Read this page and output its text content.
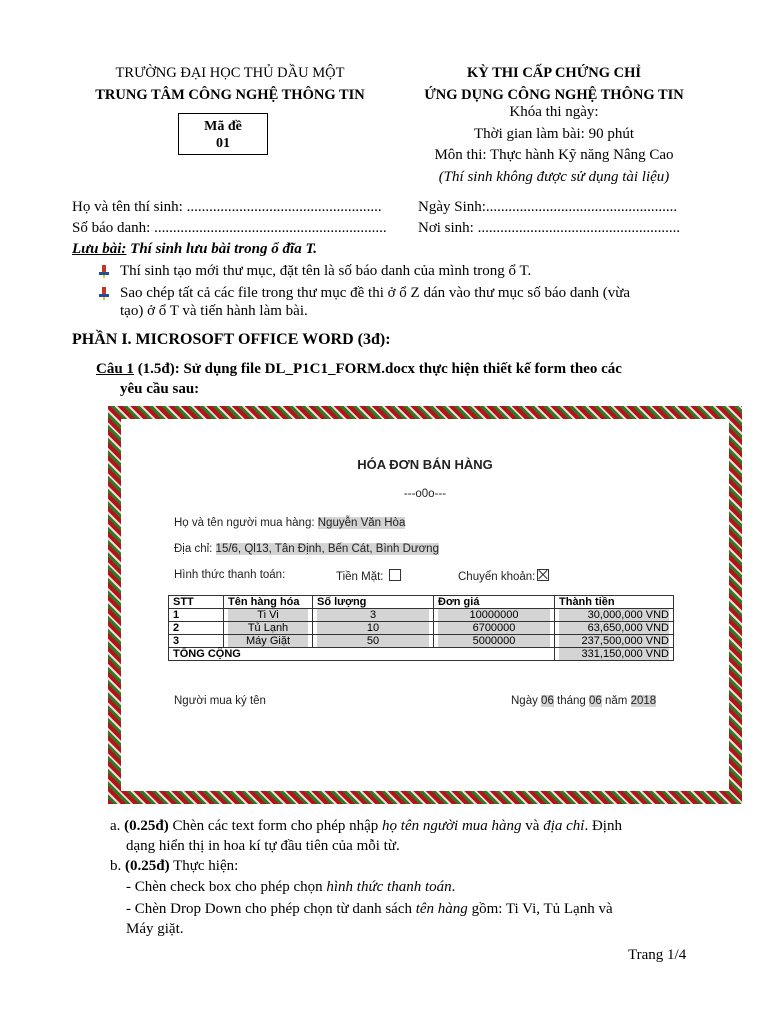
TRƯỜNG ĐẠI HỌC THỦ DẦU MỘT
TRUNG TÂM CÔNG NGHỆ THÔNG TIN
Mã đề
01
KỲ THI CẤP CHỨNG CHỈ
ỨNG DỤNG CÔNG NGHỆ THÔNG TIN
Khóa thi ngày:
Thời gian làm bài: 90 phút
Môn thi: Thực hành Kỹ năng Nâng Cao
(Thí sinh không được sử dụng tài liệu)
Họ và tên thí sinh: .................................................... Ngày Sinh:...................................................
Số báo danh: .............................................................. Nơi sinh: ......................................................
Lưu bài: Thí sinh lưu bài trong ổ đĩa T.
Thí sinh tạo mới thư mục, đặt tên là số báo danh của mình trong ổ T.
Sao chép tất cả các file trong thư mục đề thi ở ổ Z dán vào thư mục số báo danh (vừa
tạo) ở ổ T và tiến hành làm bài.
PHẦN I. MICROSOFT OFFICE WORD (3đ):
Câu 1 (1.5đ): Sử dụng file DL_P1C1_FORM.docx thực hiện thiết kế form theo các
yêu cầu sau:
HÓA ĐƠN BÁN HÀNG
---o0o---
Họ và tên người mua hàng: Nguyễn Văn Hòa
Địa chỉ: 15/6, Ql13, Tân Định, Bến Cát, Bình Dương
Hình thức thanh toán:	Tiền Mặt:	Chuyển khoản:
STT	Tên hàng hóa	Số lượng	Đơn giá	Thành tiền
1	Ti Vi	3	10000000	30,000,000 VND

2	Tủ Lạnh	10	6700000	63,650,000 VND

3	Máy Giặt	50	5000000	237,500,000 VND

TỔNG CỘNG				331,150,000 VND
Người mua ký tên	Ngày 06 tháng 06 năm 2018
a. (0.25đ) Chèn các text form cho phép nhập họ tên người mua hàng và địa chỉ. Định
dạng hiển thị in hoa kí tự đầu tiên của mỗi từ.
b. (0.25đ) Thực hiện:
- Chèn check box cho phép chọn hình thức thanh toán.
- Chèn Drop Down cho phép chọn từ danh sách tên hàng gồm: Ti Vi, Tủ Lạnh và
Máy giặt.
Trang 1/4
